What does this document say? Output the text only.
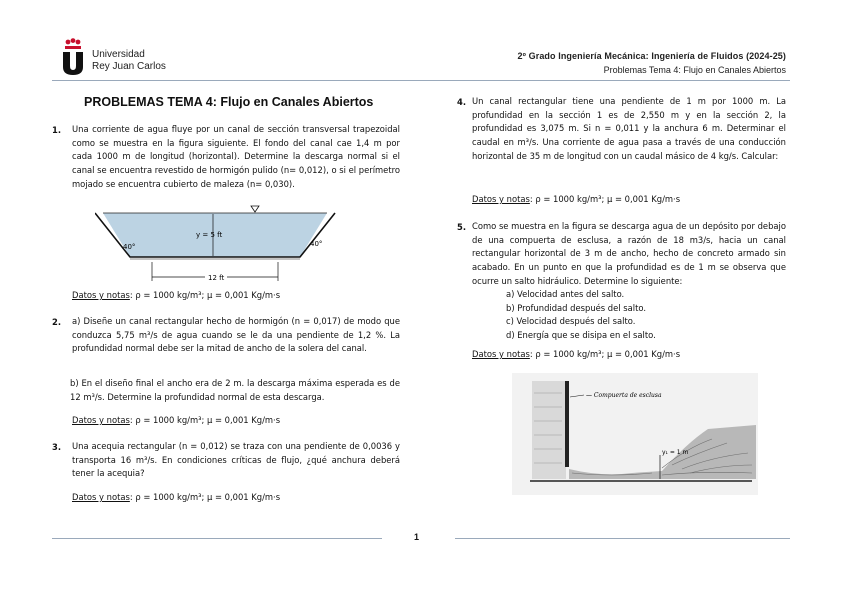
Universidad
Rey Juan Carlos
2º Grado Ingeniería Mecánica: Ingeniería de Fluidos (2024-25)
Problemas Tema 4: Flujo en Canales Abiertos
PROBLEMAS TEMA 4: Flujo en Canales Abiertos
1. Una corriente de agua fluye por un canal de sección transversal trapezoidal como se muestra en la figura siguiente. El fondo del canal cae 1,4 m por cada 1000 m de longitud (horizontal). Determine la descarga normal si el canal se encuentra revestido de hormigón pulido (n= 0,012), o si el perímetro mojado se encuentra cubierto de maleza (n= 0,030).
y = 5 ft
40°	40°
12 ft
Datos y notas: ρ = 1000 kg/m³; μ = 0,001 Kg/m·s
2. a) Diseñe un canal rectangular hecho de hormigón (n = 0,017) de modo que conduzca 5,75 m³/s de agua cuando se le da una pendiente de 1,2 %. La profundidad normal debe ser la mitad de ancho de la solera del canal.
b) En el diseño final el ancho era de 2 m. la descarga máxima esperada es de 12 m³/s. Determine la profundidad normal de esta descarga.
Datos y notas: ρ = 1000 kg/m³; μ = 0,001 Kg/m·s
3. Una acequia rectangular (n = 0,012) se traza con una pendiente de 0,0036 y transporta 16 m³/s. En condiciones críticas de flujo, ¿qué anchura deberá tener la acequia?
Datos y notas: ρ = 1000 kg/m³; μ = 0,001 Kg/m·s
4. Un canal rectangular tiene una pendiente de 1 m por 1000 m. La profundidad en la sección 1 es de 2,550 m y en la sección 2, la profundidad es 3,075 m. Si n = 0,011 y la anchura 6 m. Determinar el caudal en m³/s. Una corriente de agua pasa a través de una conducción horizontal de 35 m de longitud con un caudal másico de 4 kg/s. Calcular:
Datos y notas: ρ = 1000 kg/m³; μ = 0,001 Kg/m·s
5. Como se muestra en la figura se descarga agua de un depósito por debajo de una compuerta de esclusa, a razón de 18 m3/s, hacia un canal rectangular horizontal de 3 m de ancho, hecho de concreto armado sin acabado. En un punto en que la profundidad es de 1 m se observa que ocurre un salto hidráulico. Determine lo siguiente:
a) Velocidad antes del salto.
b) Profundidad después del salto.
c) Velocidad después del salto.
d) Energía que se disipa en el salto.
Datos y notas: ρ = 1000 kg/m³; μ = 0,001 Kg/m·s
y₁ = 1 m
— Compuerta de esclusa
1
